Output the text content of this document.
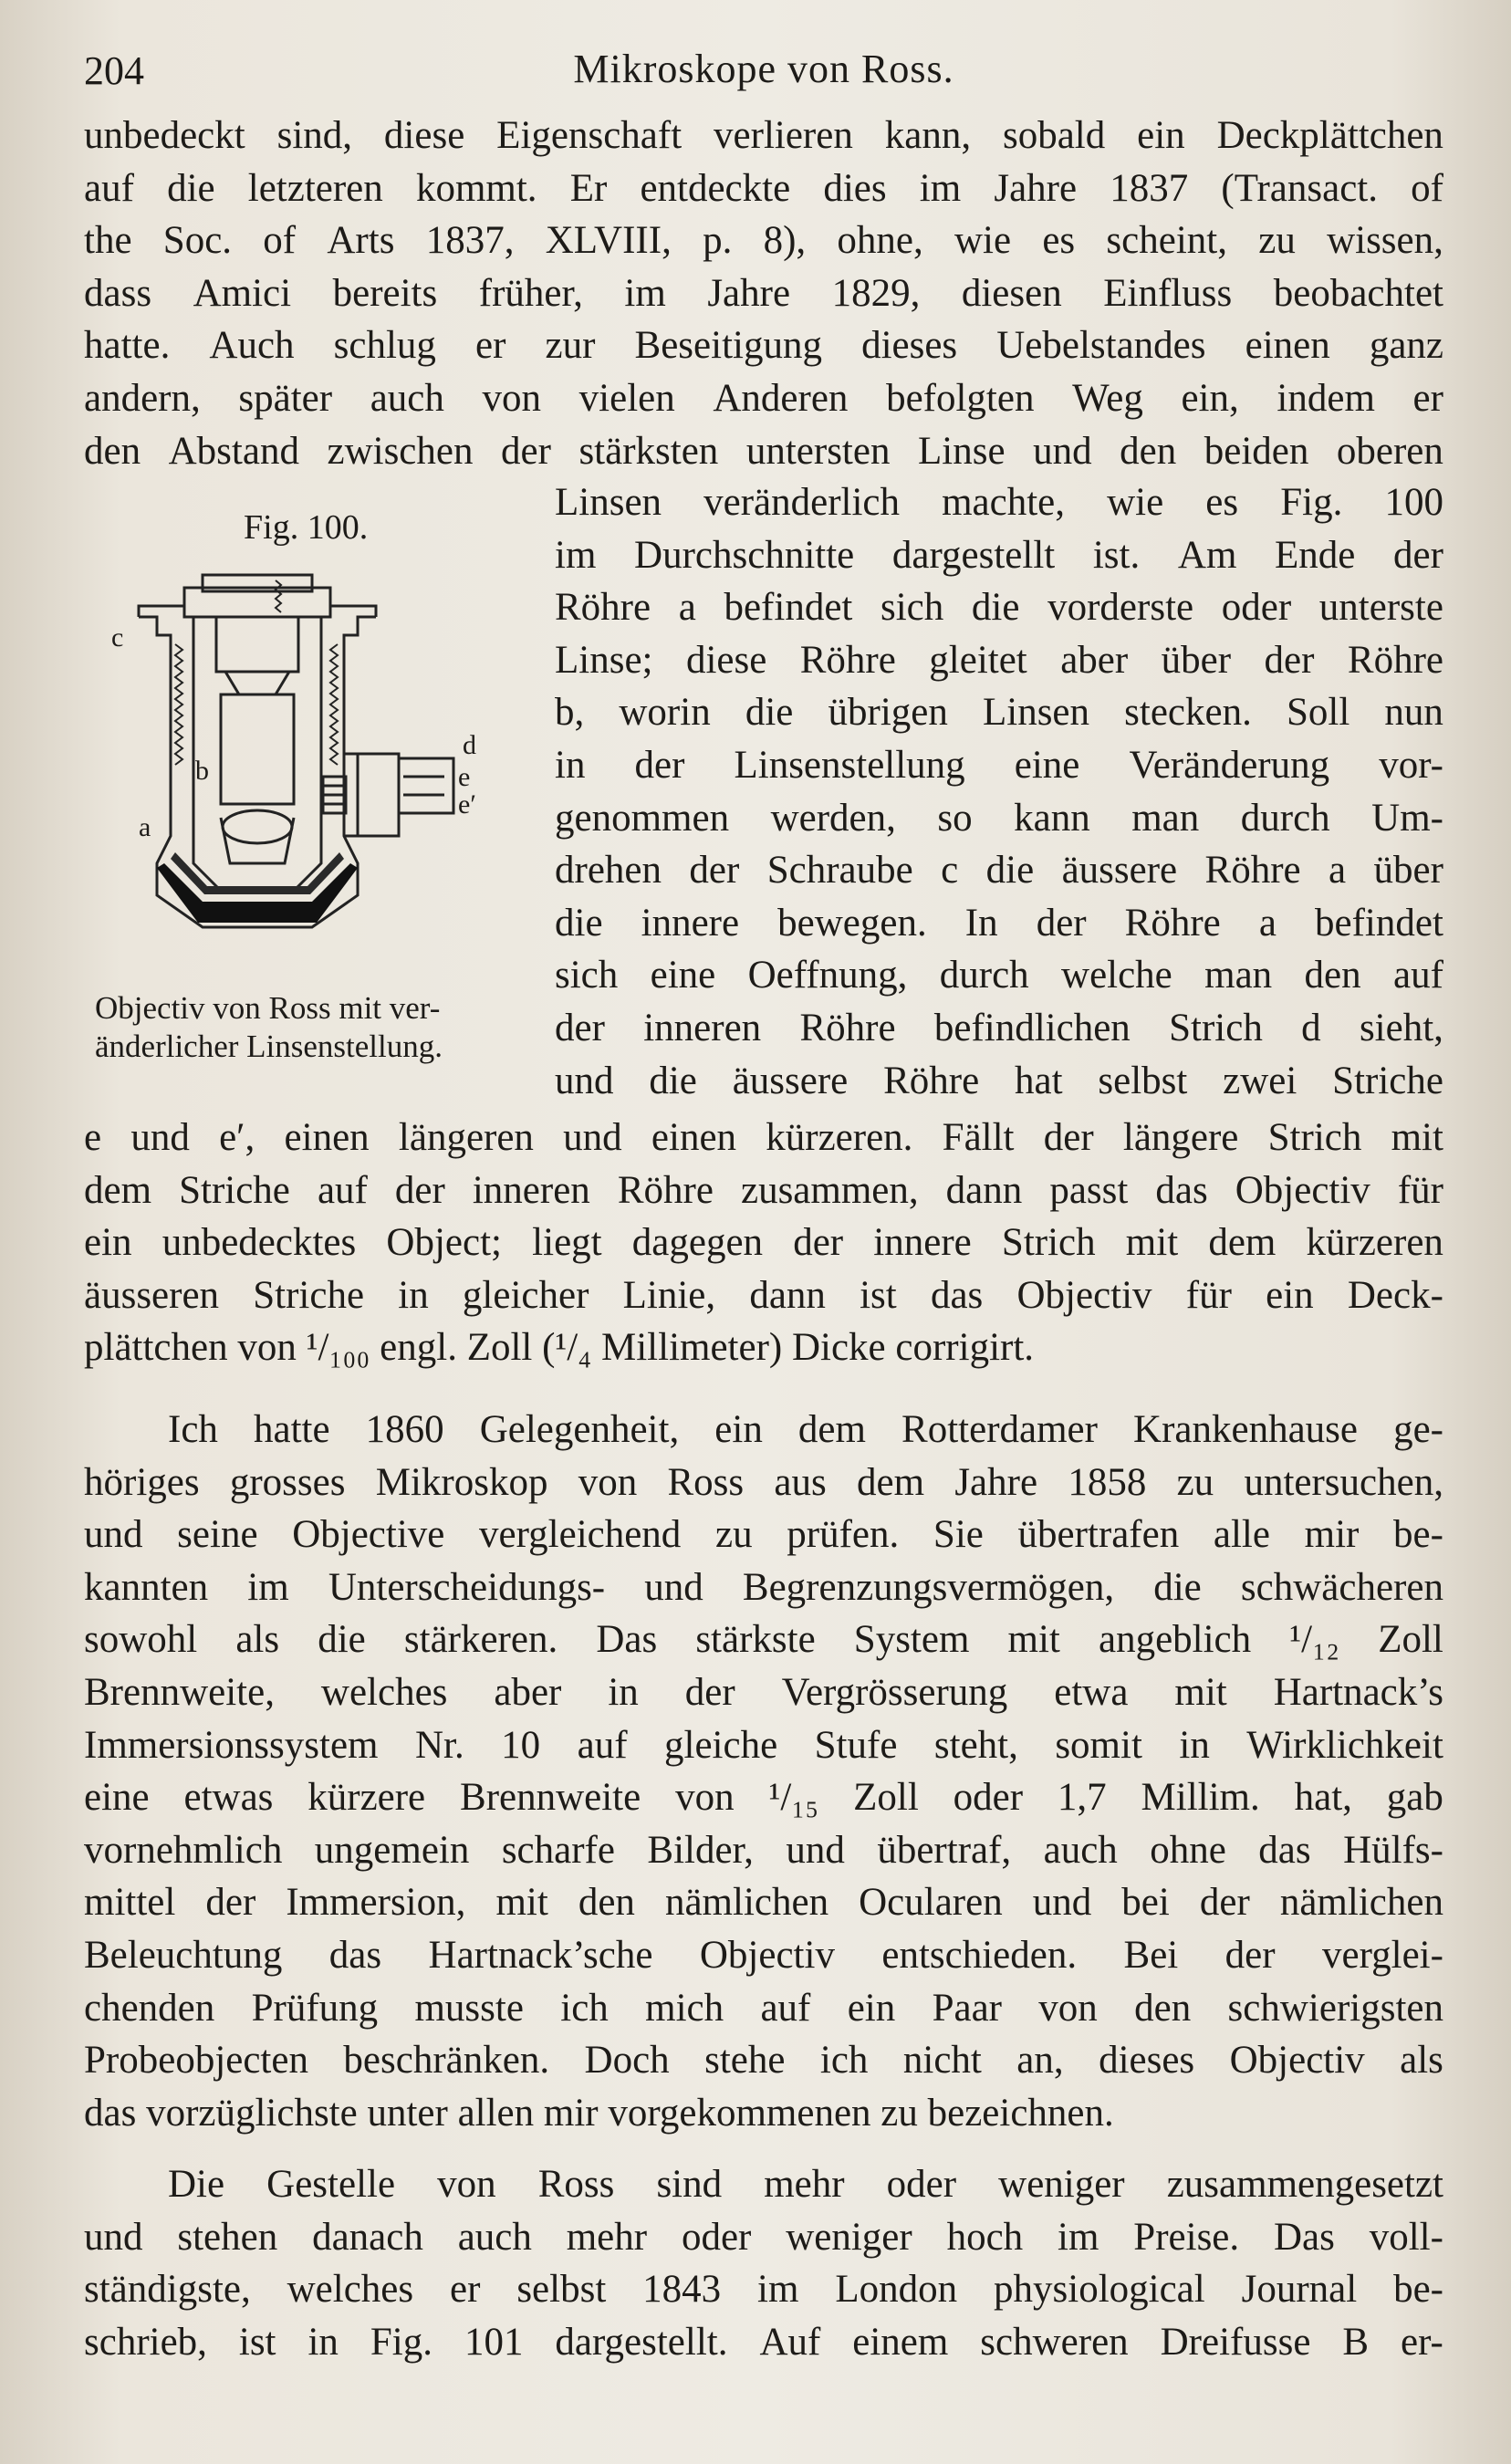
204	Mikroskope von Ross.
unbedeckt sind, diese Eigenschaft verlieren kann, sobald ein Deckplättchen
auf die letzteren kommt. Er entdeckte dies im Jahre 1837 (Transact. of
the Soc. of Arts 1837, XLVIII, p. 8), ohne, wie es scheint, zu wissen,
dass Amici bereits früher, im Jahre 1829, diesen Einfluss beobachtet
hatte. Auch schlug er zur Beseitigung dieses Uebelstandes einen ganz
andern, später auch von vielen Anderen befolgten Weg ein, indem er
den Abstand zwischen der stärksten untersten Linse und den beiden oberen
Fig. 100.
c
b
a
d
e
e′
Objectiv von Ross mit ver-
änderlicher Linsenstellung.
Linsen veränderlich machte, wie es Fig. 100
im Durchschnitte dargestellt ist. Am Ende der
Röhre a befindet sich die vorderste oder unterste
Linse; diese Röhre gleitet aber über der Röhre
b, worin die übrigen Linsen stecken. Soll nun
in der Linsenstellung eine Veränderung vor-
genommen werden, so kann man durch Um-
drehen der Schraube c die äussere Röhre a über
die innere bewegen. In der Röhre a befindet
sich eine Oeffnung, durch welche man den auf
der inneren Röhre befindlichen Strich d sieht,
und die äussere Röhre hat selbst zwei Striche
e und e′, einen längeren und einen kürzeren. Fällt der längere Strich mit
dem Striche auf der inneren Röhre zusammen, dann passt das Objectiv für
ein unbedecktes Object; liegt dagegen der innere Strich mit dem kürzeren
äusseren Striche in gleicher Linie, dann ist das Objectiv für ein Deck-
plättchen von ¹/₁₀₀ engl. Zoll (¹/₄ Millimeter) Dicke corrigirt.
Ich hatte 1860 Gelegenheit, ein dem Rotterdamer Krankenhause ge-
höriges grosses Mikroskop von Ross aus dem Jahre 1858 zu untersuchen,
und seine Objective vergleichend zu prüfen. Sie übertrafen alle mir be-
kannten im Unterscheidungs- und Begrenzungsvermögen, die schwächeren
sowohl als die stärkeren. Das stärkste System mit angeblich ¹/₁₂ Zoll
Brennweite, welches aber in der Vergrösserung etwa mit Hartnack’s
Immersionssystem Nr. 10 auf gleiche Stufe steht, somit in Wirklichkeit
eine etwas kürzere Brennweite von ¹/₁₅ Zoll oder 1,7 Millim. hat, gab
vornehmlich ungemein scharfe Bilder, und übertraf, auch ohne das Hülfs-
mittel der Immersion, mit den nämlichen Ocularen und bei der nämlichen
Beleuchtung das Hartnack’sche Objectiv entschieden. Bei der verglei-
chenden Prüfung musste ich mich auf ein Paar von den schwierigsten
Probeobjecten beschränken. Doch stehe ich nicht an, dieses Objectiv als
das vorzüglichste unter allen mir vorgekommenen zu bezeichnen.
Die Gestelle von Ross sind mehr oder weniger zusammengesetzt
und stehen danach auch mehr oder weniger hoch im Preise. Das voll-
ständigste, welches er selbst 1843 im London physiological Journal be-
schrieb, ist in Fig. 101 dargestellt. Auf einem schweren Dreifusse B er-
